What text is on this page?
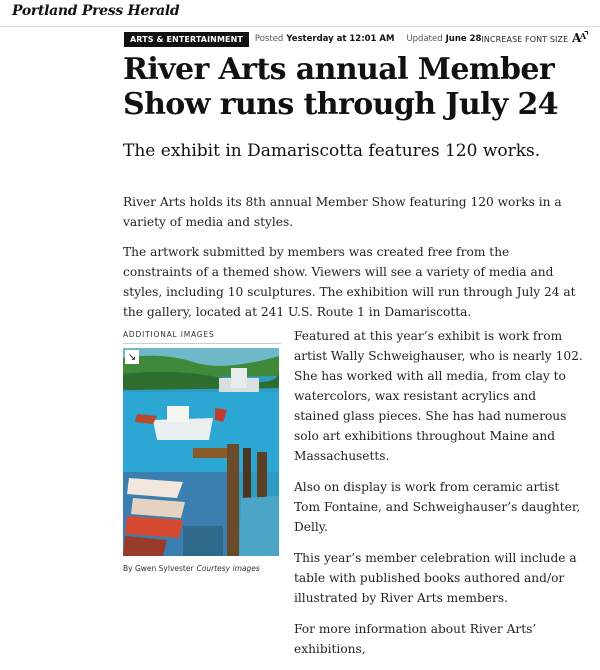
Portland Press Herald
ARTS & ENTERTAINMENT	Posted Yesterday at 12:01 AM Updated June 28 INCREASE FONT SIZE A
A
River Arts annual Member Show runs through July 24
The exhibit in Damariscotta features 120 works.

River Arts holds its 8th annual Member Show featuring 120 works in a variety of media and styles.

The artwork submitted by members was created free from the constraints of a themed show. Viewers will see a variety of media and styles, including 10 sculptures. The exhibition will run through July 24 at the gallery, located at 241 U.S. Route 1 in Damariscotta.

ADDITIONAL IMAGES
↘
By Gwen Sylvester Courtesy images

Featured at this year’s exhibit is work from artist Wally Schweighauser, who is nearly 102. She has worked with all media, from clay to watercolors, wax resistant acrylics and stained glass pieces. She has had numerous solo art exhibitions throughout Maine and Massachusetts.

Also on display is work from ceramic artist Tom Fontaine, and Schweighauser’s daughter, Delly.

This year’s member celebration will include a table with published books authored and/or illustrated by River Arts members.

For more information about River Arts’ exhibitions,
